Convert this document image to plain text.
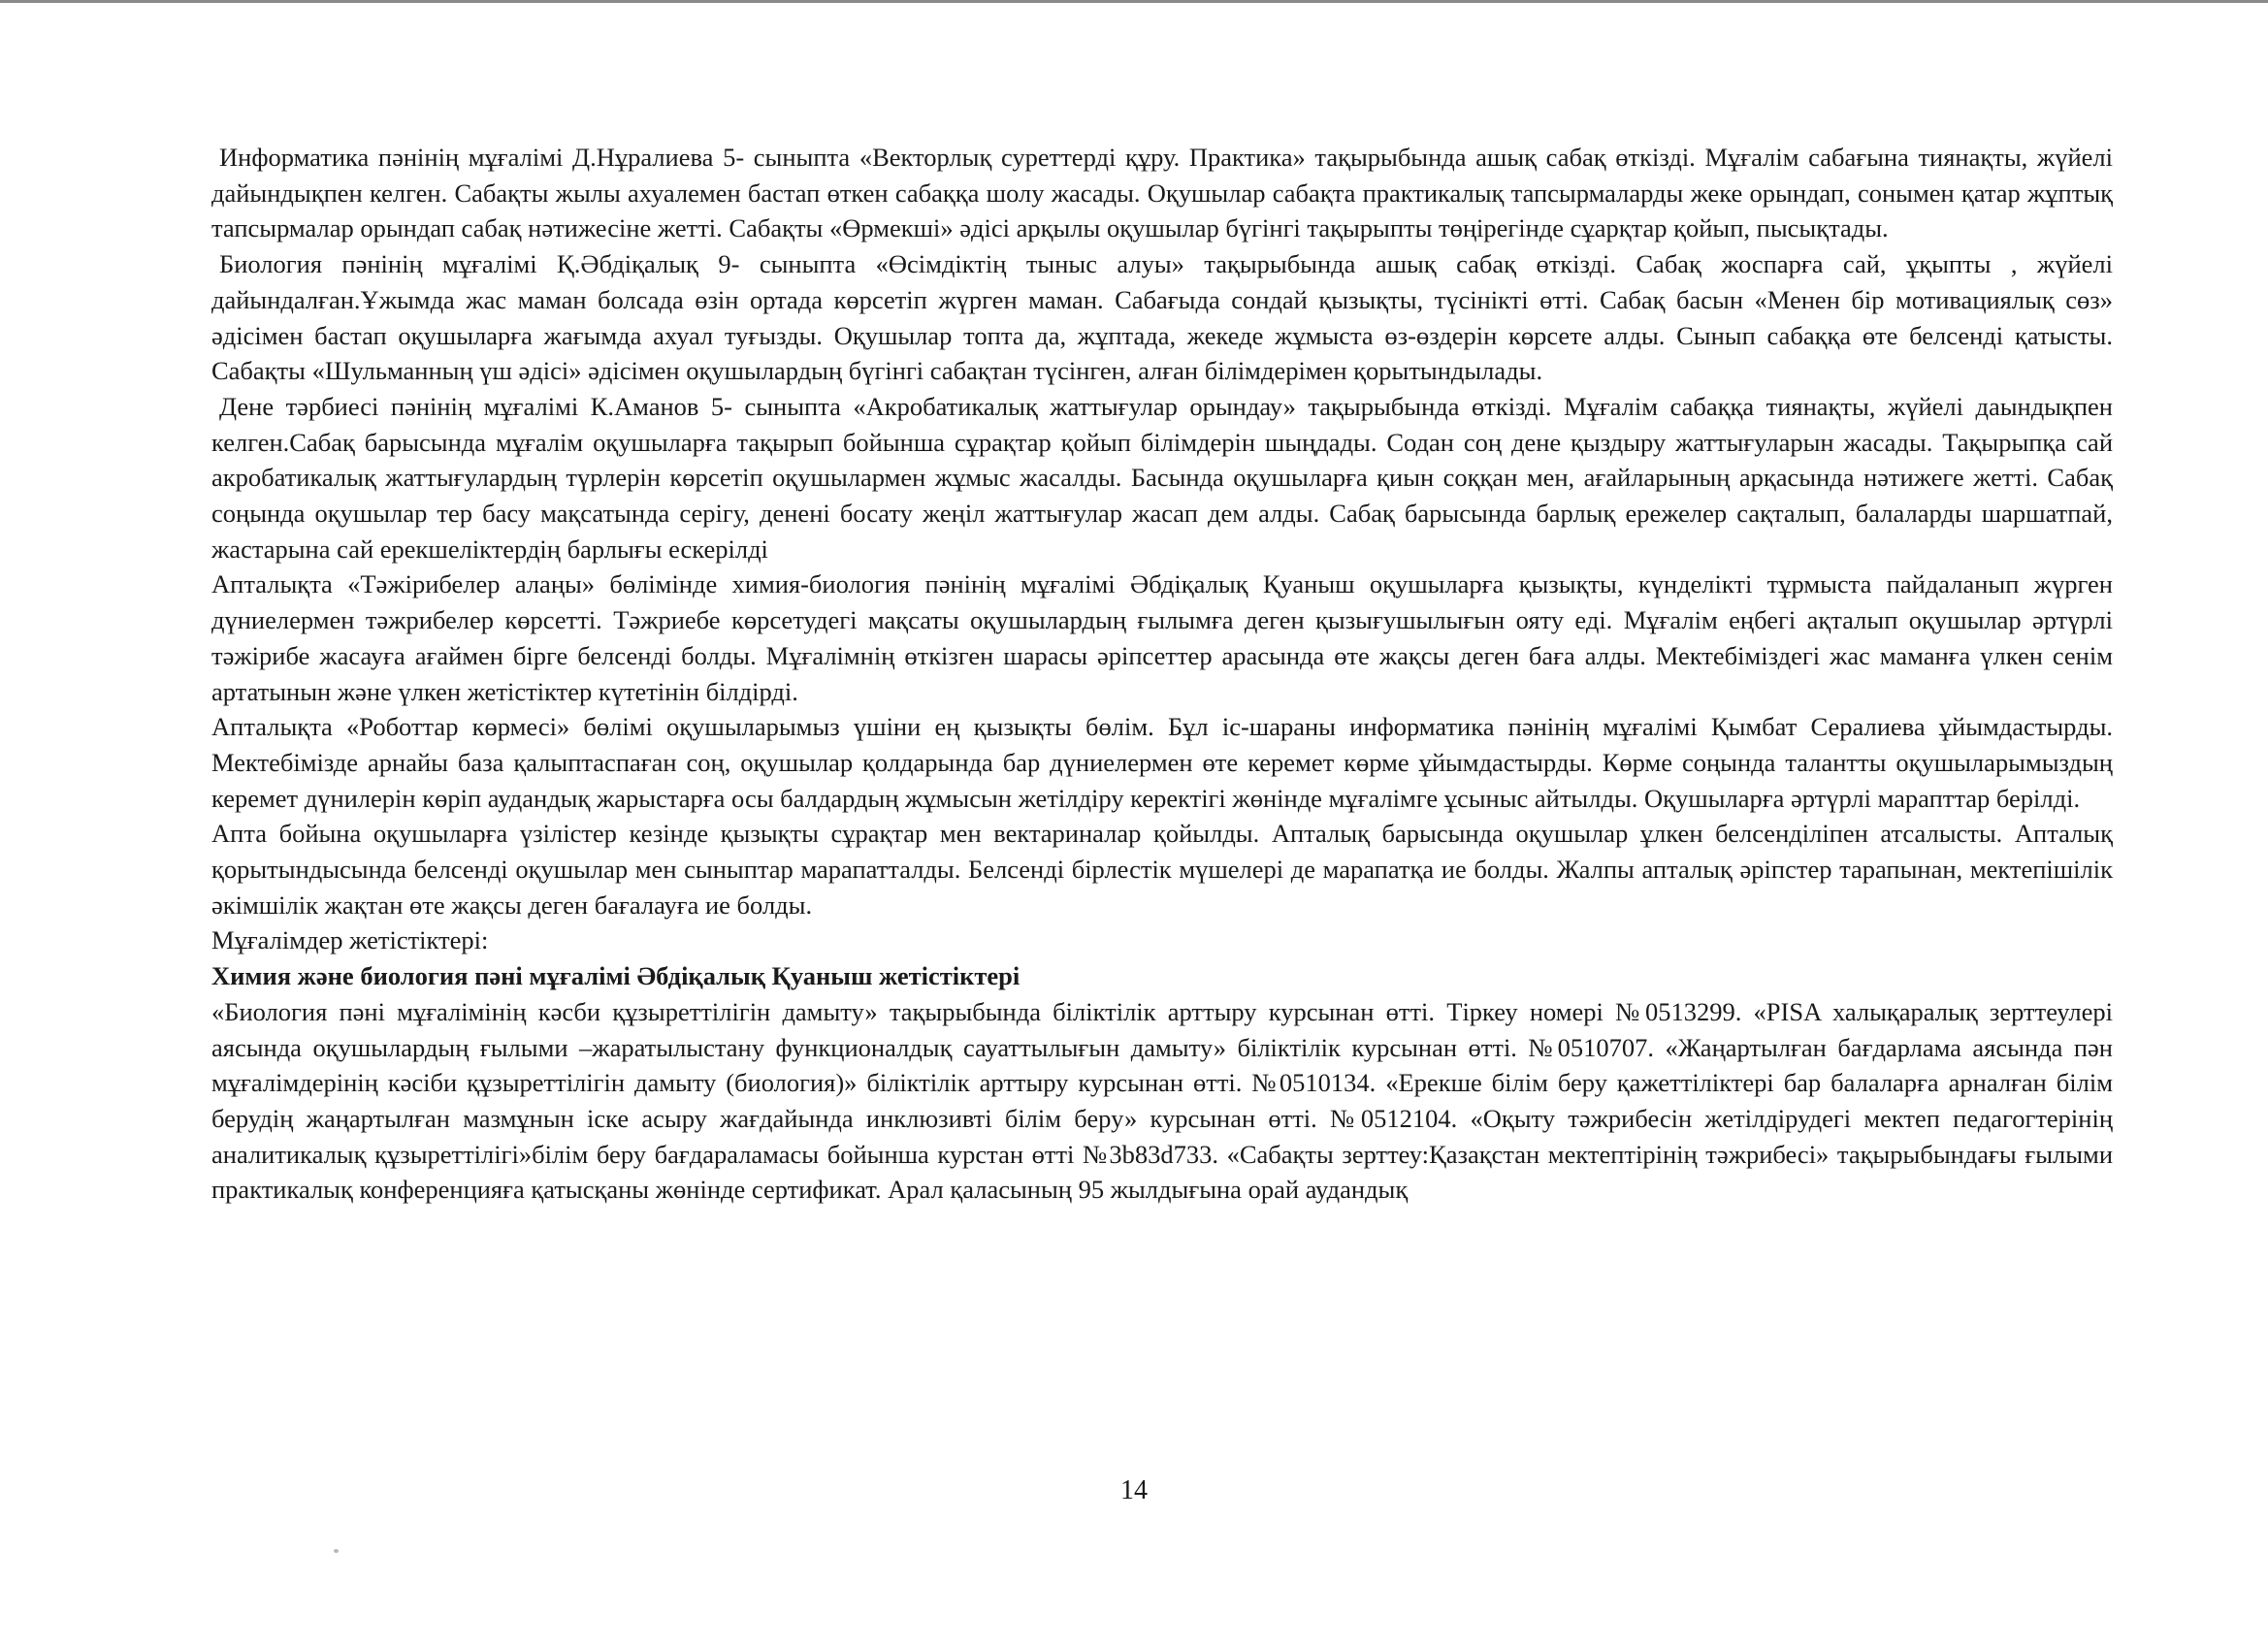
Информатика пәнінің мұғалімі Д.Нұралиева 5- сыныпта «Векторлық суреттерді құру. Практика» тақырыбында ашық сабақ өткізді. Мұғалім сабағына тиянақты, жүйелі дайындықпен келген. Сабақты жылы ахуалемен бастап өткен сабаққа шолу жасады. Оқушылар сабақта практикалық тапсырмаларды жеке орындап, сонымен қатар жұптық тапсырмалар орындап сабақ нәтижесіне жетті. Сабақты «Өрмекші» әдісі арқылы оқушылар бүгінгі тақырыпты төңірегінде сұарқтар қойып, пысықтады.

Биология пәнінің мұғалімі Қ.Әбдіқалық 9- сыныпта «Өсімдіктің тыныс алуы» тақырыбында ашық сабақ өткізді. Сабақ жоспарға сай, ұқыпты , жүйелі дайындалған.Ұжымда жас маман болсада өзін ортада көрсетіп жүрген маман. Сабағыда сондай қызықты, түсінікті өтті. Сабақ басын «Менен бір мотивациялық сөз» әдісімен бастап оқушыларға жағымда ахуал туғызды. Оқушылар топта да, жұптада, жекеде жұмыста өз-өздерін көрсете алды. Сынып сабаққа өте белсенді қатысты. Сабақты «Шульманның үш әдісі» әдісімен оқушылардың бүгінгі сабақтан түсінген, алған білімдерімен қорытындылады.

Дене тәрбиесі пәнінің мұғалімі К.Аманов 5- сыныпта «Акробатикалық жаттығулар орындау» тақырыбында өткізді. Мұғалім сабаққа тиянақты, жүйелі даындықпен келген.Сабақ барысында мұғалім оқушыларға тақырып бойынша сұрақтар қойып білімдерін шыңдады. Содан соң дене қыздыру жаттығуларын жасады. Тақырыпқа сай акробатикалық жаттығулардың түрлерін көрсетіп оқушылармен жұмыс жасалды. Басында оқушыларға қиын соққан мен, ағайларының арқасында нәтижеге жетті. Сабақ соңында оқушылар тер басу мақсатында серігу, денені босату жеңіл жаттығулар жасап дем алды. Сабақ барысында барлық ережелер сақталып, балаларды шаршатпай, жастарына сай ерекшеліктердің барлығы ескерілді

Апталықта «Тәжірибелер алаңы» бөлімінде химия-биология пәнінің мұғалімі Әбдіқалық Қуаныш оқушыларға қызықты, күнделікті тұрмыста пайдаланып жүрген дүниелермен тәжрибелер көрсетті. Тәжриебе көрсетудегі мақсаты оқушылардың ғылымға деген қызығушылығын ояту еді. Мұғалім еңбегі ақталып оқушылар әртүрлі тәжірибе жасауға ағаймен бірге белсенді болды. Мұғалімнің өткізген шарасы әріпсеттер арасында өте жақсы деген баға алды. Мектебіміздегі жас маманға үлкен сенім артатынын және үлкен жетістіктер күтетінін білдірді.

Апталықта «Роботтар көрмесі» бөлімі оқушыларымыз үшіни ең қызықты бөлім. Бұл іс-шараны информатика пәнінің мұғалімі Қымбат Сералиева ұйымдастырды. Мектебімізде арнайы база қалыптаспаған соң, оқушылар қолдарында бар дүниелермен өте керемет көрме ұйымдастырды. Көрме соңында талантты оқушыларымыздың керемет дүнилерін көріп аудандық жарыстарға осы балдардың жұмысын жетілдіру керектігі жөнінде мұғалімге ұсыныс айтылды. Оқушыларға әртүрлі марапттар берілді.

Апта бойына оқушыларға үзілістер кезінде қызықты сұрақтар мен вектариналар қойылды. Апталық барысында оқушылар ұлкен белсенділіпен атсалысты. Апталық қорытындысында белсенді оқушылар мен сыныптар марапатталды. Белсенді бірлестік мүшелері де марапатқа ие болды. Жалпы апталық әріпстер тарапынан, мектепішілік әкімшілік жақтан өте жақсы деген бағалауға ие болды.

Мұғалімдер жетістіктері:

Химия және биология пәні мұғалімі Әбдіқалық Қуаныш жетістіктері

«Биология пәні мұғалімінің кәсби құзыреттілігін дамыту» тақырыбында біліктілік арттыру курсынан өтті. Тіркеу номері №0513299. «PISA халықаралық зерттеулері аясында оқушылардың ғылыми –жаратылыстану функционалдық сауаттылығын дамыту» біліктілік курсынан өтті. №0510707. «Жаңартылған бағдарлама аясында пән мұғалімдерінің кәсіби құзыреттілігін дамыту (биология)» біліктілік арттыру курсынан өтті. №0510134. «Ерекше білім беру қажеттіліктері бар балаларға арналған білім берудің жаңартылған мазмұнын іске асыру жағдайында инклюзивті білім беру» курсынан өтті. №0512104. «Оқыту тәжрибесін жетілдірудегі мектеп педагогтерінің аналитикалық құзыреттілігі»білім беру бағдараламасы бойынша курстан өтті №3b83d733. «Сабақты зерттеу:Қазақстан мектептірінің тәжрибесі» тақырыбындағы ғылыми практикалық конференцияға қатысқаны жөнінде сертификат. Арал қаласының 95 жылдығына орай аудандық

14
